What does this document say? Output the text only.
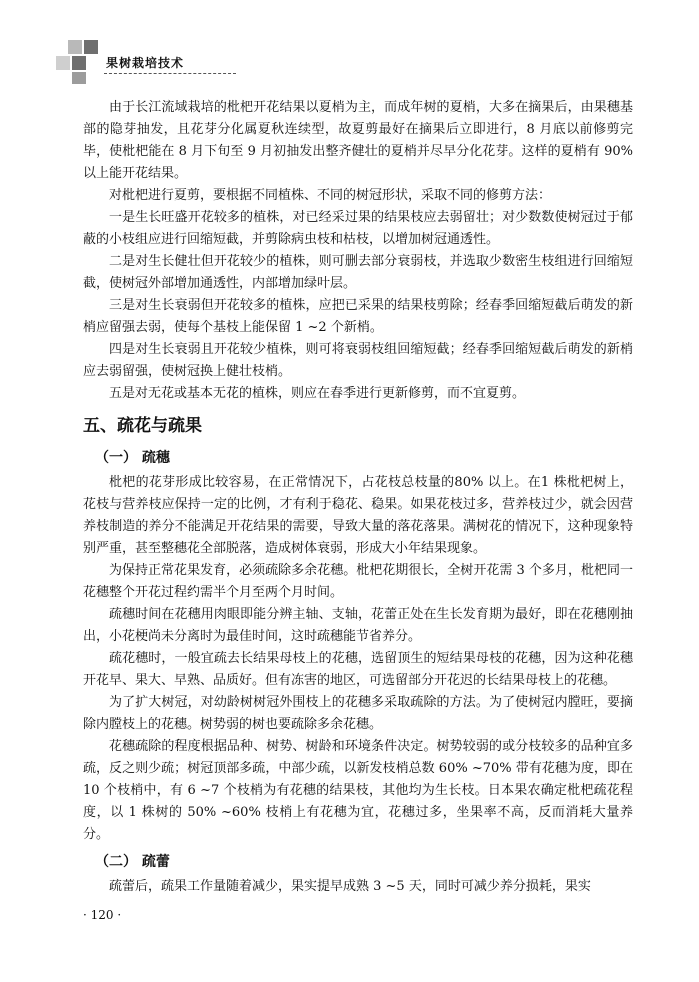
果树栽培技术

由于长江流域栽培的枇杷开花结果以夏梢为主，而成年树的夏梢，大多在摘果后，由果穗基部的隐芽抽发，且花芽分化属夏秋连续型，故夏剪最好在摘果后立即进行，8 月底以前修剪完毕，使枇杷能在 8 月下旬至 9 月初抽发出整齐健壮的夏梢并尽早分化花芽。这样的夏梢有 90% 以上能开花结果。

对枇杷进行夏剪，要根据不同植株、不同的树冠形状，采取不同的修剪方法：

一是生长旺盛开花较多的植株，对已经采过果的结果枝应去弱留壮；对少数数使树冠过于郁蔽的小枝组应进行回缩短截，并剪除病虫枝和枯枝，以增加树冠通透性。

二是对生长健壮但开花较少的植株，则可删去部分衰弱枝，并选取少数密生枝组进行回缩短截，使树冠外部增加通透性，内部增加绿叶层。

三是对生长衰弱但开花较多的植株，应把已采果的结果枝剪除；经春季回缩短截后萌发的新梢应留强去弱，使每个基枝上能保留 1 ~2 个新梢。

四是对生长衰弱且开花较少植株，则可将衰弱枝组回缩短截；经春季回缩短截后萌发的新梢应去弱留强，使树冠换上健壮枝梢。

五是对无花或基本无花的植株，则应在春季进行更新修剪，而不宜夏剪。

五、疏花与疏果
（一） 疏穗

枇杷的花芽形成比较容易，在正常情况下，占花枝总枝量的80% 以上。在1 株枇杷树上，花枝与营养枝应保持一定的比例，才有利于稳花、稳果。如果花枝过多，营养枝过少，就会因营养枝制造的养分不能满足开花结果的需要，导致大量的落花落果。满树花的情况下，这种现象特别严重，甚至整穗花全部脱落，造成树体衰弱，形成大小年结果现象。

为保持正常花果发育，必须疏除多余花穗。枇杷花期很长，全树开花需 3 个多月，枇杷同一花穗整个开花过程约需半个月至两个月时间。

疏穗时间在花穗用肉眼即能分辨主轴、支轴，花蕾正处在生长发育期为最好，即在花穗刚抽出，小花梗尚未分离时为最佳时间，这时疏穗能节省养分。

疏花穗时，一般宜疏去长结果母枝上的花穗，选留顶生的短结果母枝的花穗，因为这种花穗开花早、果大、早熟、品质好。但有冻害的地区，可选留部分开花迟的长结果母枝上的花穗。

为了扩大树冠，对幼龄树树冠外围枝上的花穗多采取疏除的方法。为了使树冠内膛旺，要摘除内膛枝上的花穗。树势弱的树也要疏除多余花穗。

花穗疏除的程度根据品种、树势、树龄和环境条件决定。树势较弱的或分枝较多的品种宜多疏，反之则少疏；树冠顶部多疏，中部少疏，以新发枝梢总数 60% ~70% 带有花穗为度，即在 10 个枝梢中，有 6 ~7 个枝梢为有花穗的结果枝，其他均为生长枝。日本果农确定枇杷疏花程度，以 1 株树的 50% ~60% 枝梢上有花穗为宜，花穗过多，坐果率不高，反而消耗大量养分。

（二） 疏蕾

疏蕾后，疏果工作量随着减少，果实提早成熟 3 ~5 天，同时可减少养分损耗，果实

· 120 ·
